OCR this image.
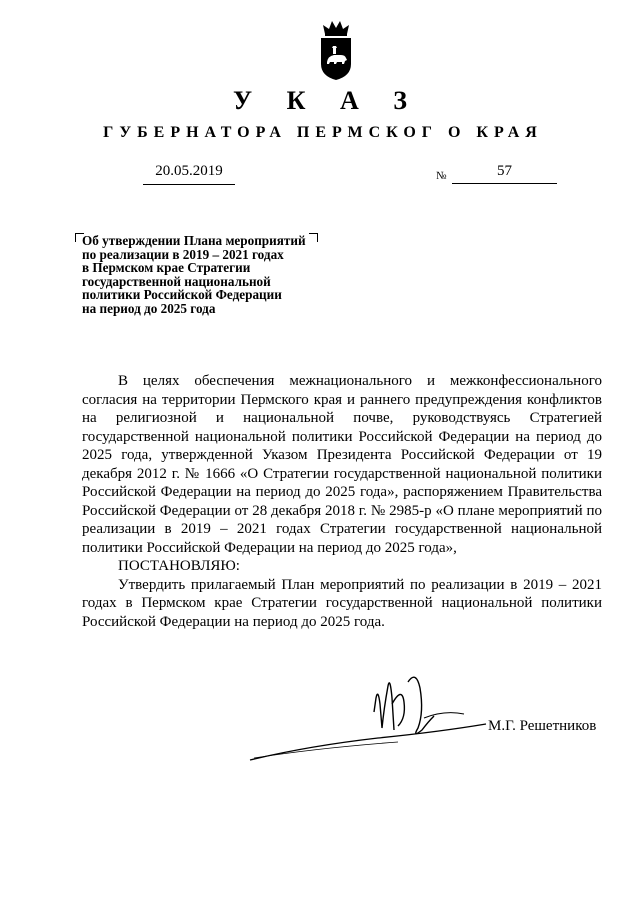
У К А З
ГУБЕРНАТОРА ПЕРМСКОГ О КРАЯ
20.05.2019	№	57
Об утверждении Плана мероприятий
по реализации в 2019 – 2021 годах
в Пермском крае Стратегии
государственной национальной
политики Российской Федерации
на период до 2025 года

В целях обеспечения межнационального и межконфессионального согласия на территории Пермского края и раннего предупреждения конфликтов на религиозной и национальной почве, руководствуясь Стратегией государственной национальной политики Российской Федерации на период до 2025 года, утвержденной Указом Президента Российской Федерации от 19 декабря 2012 г. № 1666 «О Стратегии государственной национальной политики Российской Федерации на период до 2025 года», распоряжением Правительства Российской Федерации от 28 декабря 2018 г. № 2985-р «О плане мероприятий по реализации в 2019 – 2021 годах Стратегии государственной национальной политики Российской Федерации на период до 2025 года»,

ПОСТАНОВЛЯЮ:

Утвердить прилагаемый План мероприятий по реализации в 2019 – 2021 годах в Пермском крае Стратегии государственной национальной политики Российской Федерации на период до 2025 года.

М.Г. Решетников
